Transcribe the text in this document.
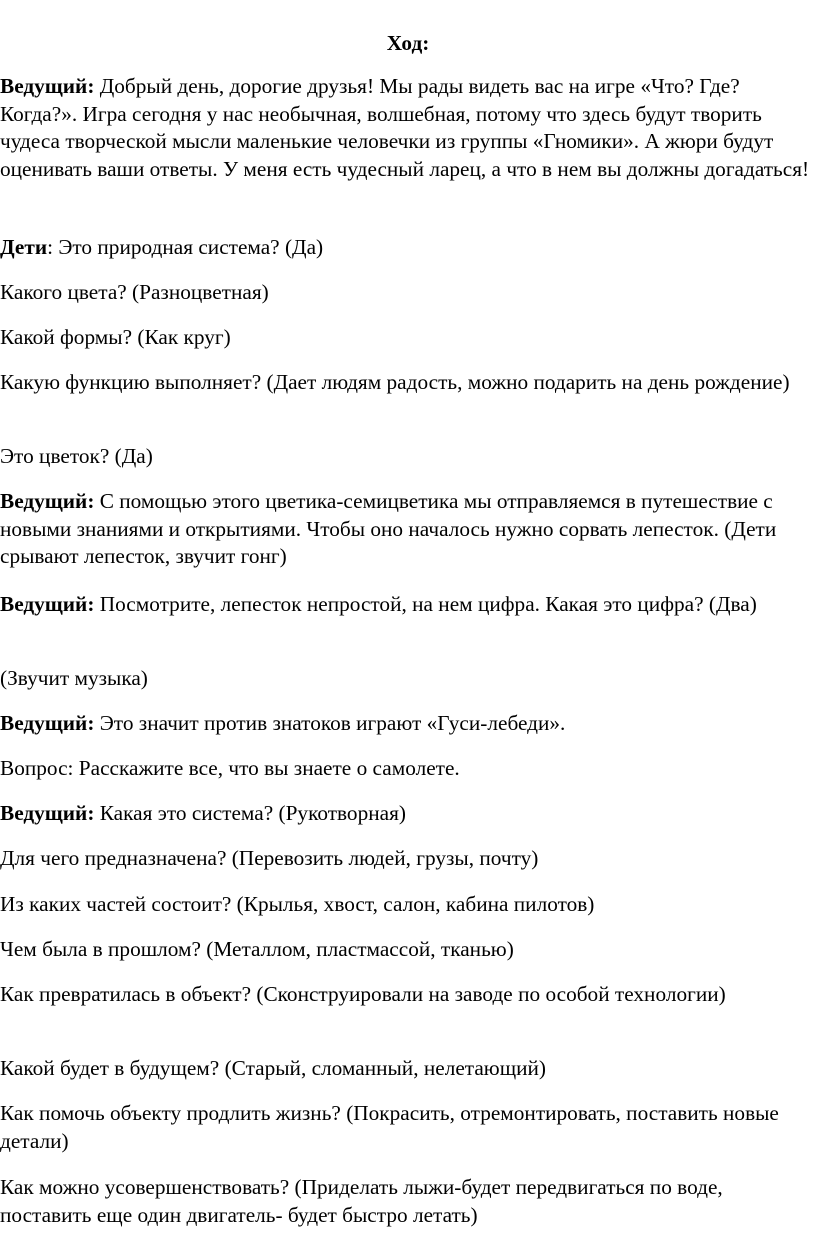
Ход:

Ведущий: Добрый день, дорогие друзья! Мы рады видеть вас на игре «Что? Где? Когда?». Игра сегодня у нас необычная, волшебная, потому что здесь будут творить чудеса творческой мысли маленькие человечки из группы «Гномики». А жюри будут оценивать ваши ответы. У меня есть чудесный ларец, а что в нем вы должны догадаться!

Дети: Это природная система? (Да)

Какого цвета? (Разноцветная)

Какой формы? (Как круг)

Какую функцию выполняет? (Дает людям радость, можно подарить на день рождение)

Это цветок? (Да)

Ведущий: С помощью этого цветика-семицветика мы отправляемся в путешествие с новыми знаниями и открытиями. Чтобы оно началось нужно сорвать лепесток. (Дети срывают лепесток, звучит гонг)

Ведущий: Посмотрите, лепесток непростой, на нем цифра. Какая это цифра? (Два)

(Звучит музыка)

Ведущий: Это значит против знатоков играют «Гуси-лебеди».

Вопрос: Расскажите все, что вы знаете о самолете.

Ведущий: Какая это система? (Рукотворная)

Для чего предназначена? (Перевозить людей, грузы, почту)

Из каких частей состоит? (Крылья, хвост, салон, кабина пилотов)

Чем была в прошлом? (Металлом, пластмассой, тканью)

Как превратилась в объект? (Сконструировали на заводе по особой технологии)

Какой будет в будущем? (Старый, сломанный, нелетающий)

Как помочь объекту продлить жизнь? (Покрасить, отремонтировать, поставить новые детали)

Как можно усовершенствовать? (Приделать лыжи-будет передвигаться по воде, поставить еще один двигатель- будет быстро летать)
